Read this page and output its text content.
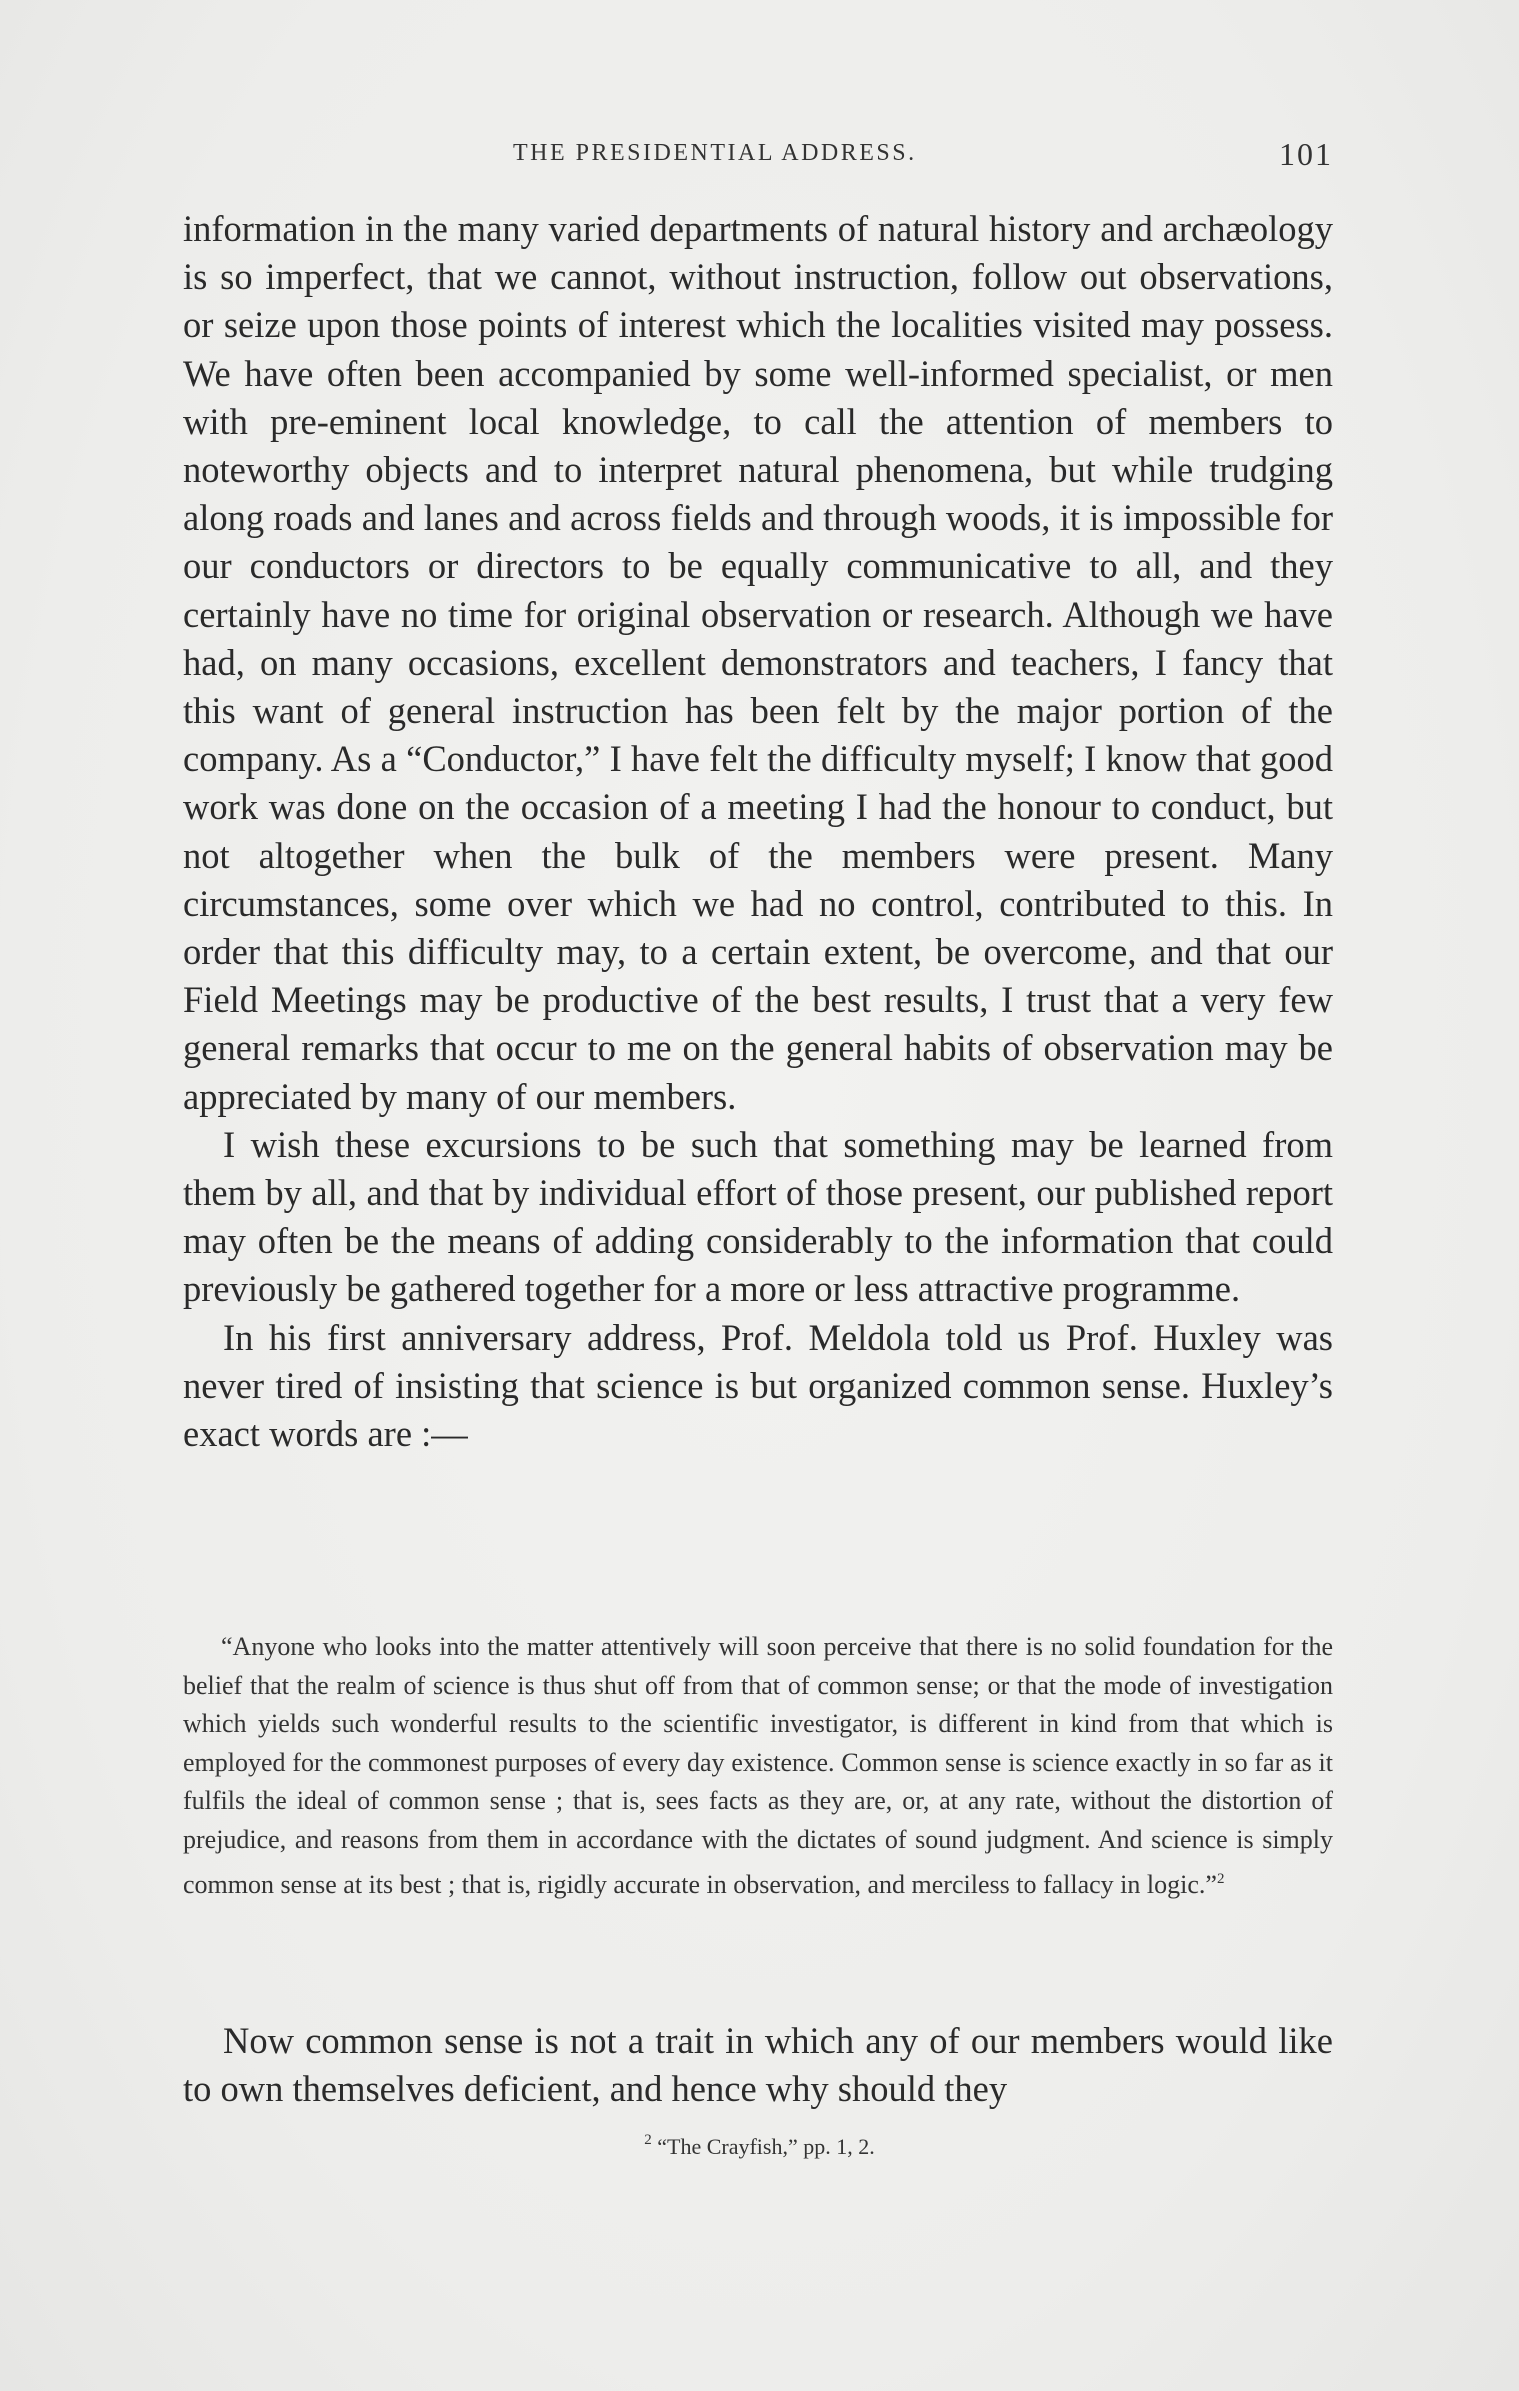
THE PRESIDENTIAL ADDRESS.	101

information in the many varied departments of natural history and archæology is so imperfect, that we cannot, without instruction, follow out observations, or seize upon those points of interest which the localities visited may possess. We have often been accompanied by some well-informed specialist, or men with pre-eminent local knowledge, to call the attention of members to noteworthy objects and to interpret natural phenomena, but while trudging along roads and lanes and across fields and through woods, it is impossible for our conductors or directors to be equally communicative to all, and they certainly have no time for original observation or research. Although we have had, on many occasions, excellent demonstrators and teachers, I fancy that this want of general instruction has been felt by the major portion of the company. As a “Conductor,” I have felt the difficulty myself; I know that good work was done on the occasion of a meeting I had the honour to conduct, but not altogether when the bulk of the members were present. Many circumstances, some over which we had no control, contributed to this. In order that this difficulty may, to a certain extent, be overcome, and that our Field Meetings may be productive of the best results, I trust that a very few general remarks that occur to me on the general habits of observation may be appreciated by many of our members.

I wish these excursions to be such that something may be learned from them by all, and that by individual effort of those present, our published report may often be the means of adding considerably to the information that could previously be gathered together for a more or less attractive programme.

In his first anniversary address, Prof. Meldola told us Prof. Huxley was never tired of insisting that science is but organized common sense. Huxley’s exact words are :—

“Anyone who looks into the matter attentively will soon perceive that there is no solid foundation for the belief that the realm of science is thus shut off from that of common sense; or that the mode of investigation which yields such wonderful results to the scientific investigator, is different in kind from that which is employed for the commonest purposes of every day existence. Common sense is science exactly in so far as it fulfils the ideal of common sense ; that is, sees facts as they are, or, at any rate, without the distortion of prejudice, and reasons from them in accordance with the dictates of sound judgment. And science is simply common sense at its best ; that is, rigidly accurate in observation, and merciless to fallacy in logic.”$^2$

Now common sense is not a trait in which any of our members would like to own themselves deficient, and hence why should they

$^2$ “The Crayfish,” pp. 1, 2.
